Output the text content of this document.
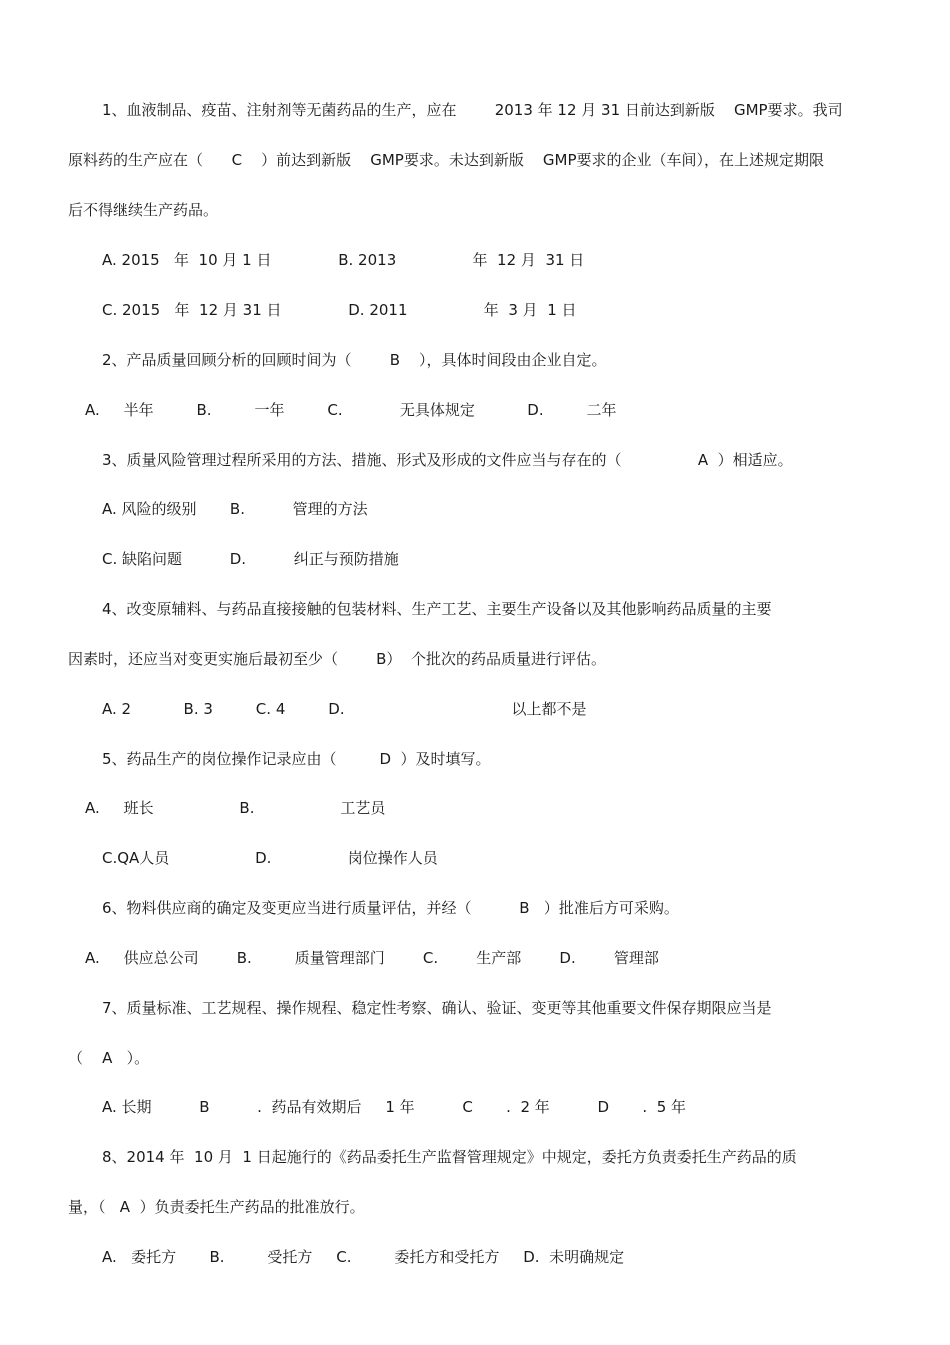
1、血液制品、疫苗、注射剂等无菌药品的生产，应在        2013 年 12 月 31 日前达到新版    GMP要求。我司
原料药的生产应在（      C    ）前达到新版    GMP要求。未达到新版    GMP要求的企业（车间），在上述规定期限
后不得继续生产药品。
A. 2015   年  10 月 1 日              B. 2013                年  12 月  31 日
C. 2015   年  12 月 31 日              D. 2011                年  3 月  1 日
2、产品质量回顾分析的回顾时间为（        B    ），具体时间段由企业自定。
A.     半年         B.         一年         C.            无具体规定           D.         二年
3、质量风险管理过程所采用的方法、措施、形式及形成的文件应当与存在的（                A  ）相适应。
A. 风险的级别       B.          管理的方法
C. 缺陷问题          D.          纠正与预防措施
4、改变原辅料、与药品直接接触的包装材料、生产工艺、主要生产设备以及其他影响药品质量的主要
因素时，还应当对变更实施后最初至少（        B）  个批次的药品质量进行评估。
A. 2           B. 3         C. 4         D.                                   以上都不是
5、药品生产的岗位操作记录应由（         D  ）及时填写。
A.     班长                  B.                  工艺员
C.QA人员                  D.                岗位操作人员
6、物料供应商的确定及变更应当进行质量评估，并经（          B   ）批准后方可采购。
A.     供应总公司        B.         质量管理部门        C.        生产部        D.        管理部
7、质量标准、工艺规程、操作规程、稳定性考察、确认、验证、变更等其他重要文件保存期限应当是
（    A   ）。
A. 长期          B          .  药品有效期后     1 年          C       .  2 年          D       .  5 年
8、2014 年  10 月  1 日起施行的《药品委托生产监督管理规定》中规定，委托方负责委托生产药品的质
量，（   A  ）负责委托生产药品的批准放行。
A.   委托方       B.         受托方     C.         委托方和受托方     D.  未明确规定
